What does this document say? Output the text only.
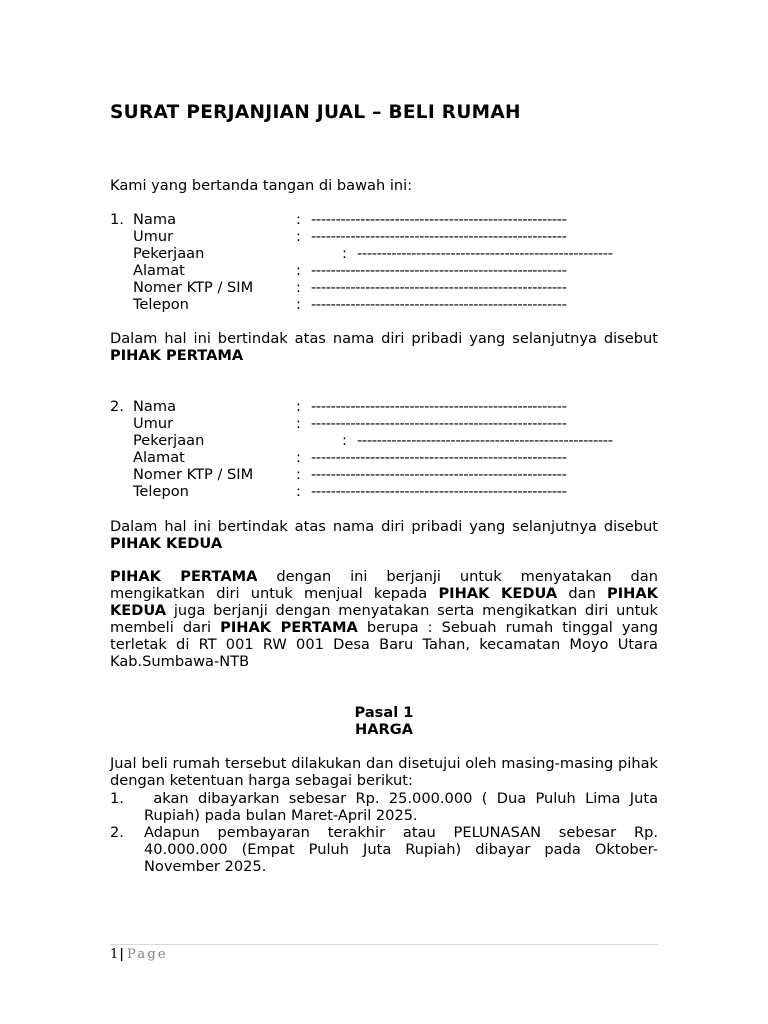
SURAT PERJANJIAN JUAL – BELI RUMAH
Kami yang bertanda tangan di bawah ini:
1. Nama	: ----------------------------------------------------
Umur	: ----------------------------------------------------
Pekerjaan	: ----------------------------------------------------
Alamat	: ----------------------------------------------------
Nomer KTP / SIM	: ----------------------------------------------------
Telepon	: ----------------------------------------------------
Dalam hal ini bertindak atas nama diri pribadi yang selanjutnya disebut PIHAK PERTAMA
2. Nama	: ----------------------------------------------------
Umur	: ----------------------------------------------------
Pekerjaan	: ----------------------------------------------------
Alamat	: ----------------------------------------------------
Nomer KTP / SIM	: ----------------------------------------------------
Telepon	: ----------------------------------------------------
Dalam hal ini bertindak atas nama diri pribadi yang selanjutnya disebut PIHAK KEDUA
PIHAK PERTAMA dengan ini berjanji untuk menyatakan dan mengikatkan diri untuk menjual kepada PIHAK KEDUA dan PIHAK KEDUA juga berjanji dengan menyatakan serta mengikatkan diri untuk membeli dari PIHAK PERTAMA berupa : Sebuah rumah tinggal yang terletak di RT 001 RW 001 Desa Baru Tahan, kecamatan Moyo Utara Kab.Sumbawa-NTB
Pasal 1
HARGA
Jual beli rumah tersebut dilakukan dan disetujui oleh masing-masing pihak dengan ketentuan harga sebagai berikut:
1. akan dibayarkan sebesar Rp. 25.000.000 ( Dua Puluh Lima Juta Rupiah) pada bulan Maret-April 2025.
2. Adapun pembayaran terakhir atau PELUNASAN sebesar Rp. 40.000.000 (Empat Puluh Juta Rupiah) dibayar pada Oktober-November 2025.
1| Page
